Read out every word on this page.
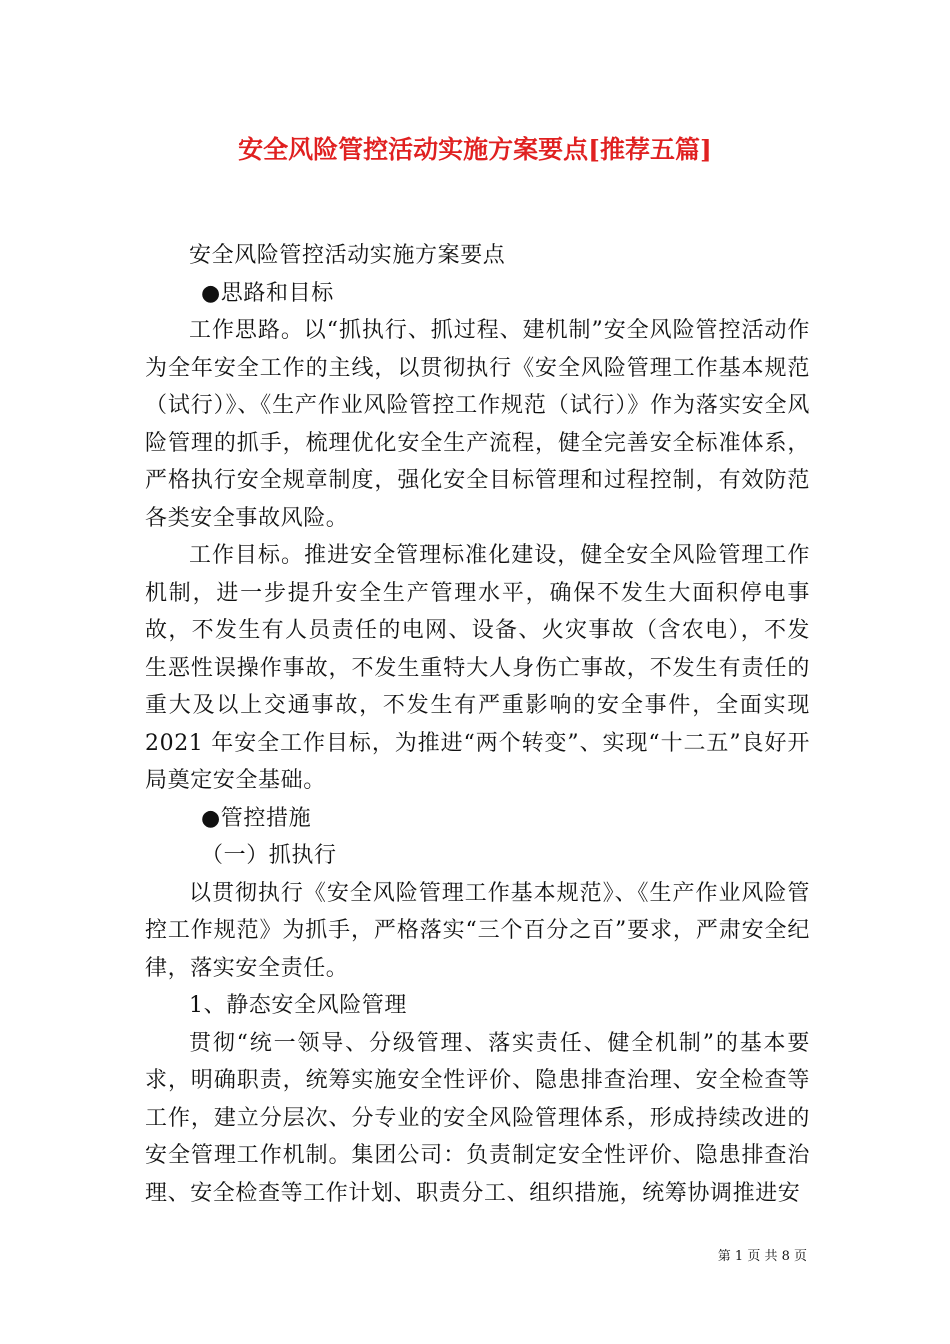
安全风险管控活动实施方案要点[推荐五篇]

安全风险管控活动实施方案要点

●思路和目标

工作思路。以“抓执行、抓过程、建机制”安全风险管控活动作为全年安全工作的主线，以贯彻执行《安全风险管理工作基本规范（试行）》、《生产作业风险管控工作规范（试行）》作为落实安全风险管理的抓手，梳理优化安全生产流程，健全完善安全标准体系，严格执行安全规章制度，强化安全目标管理和过程控制，有效防范各类安全事故风险。

工作目标。推进安全管理标准化建设，健全安全风险管理工作机制，进一步提升安全生产管理水平，确保不发生大面积停电事故，不发生有人员责任的电网、设备、火灾事故（含农电），不发生恶性误操作事故，不发生重特大人身伤亡事故，不发生有责任的重大及以上交通事故，不发生有严重影响的安全事件，全面实现 2021 年安全工作目标，为推进“两个转变”、实现“十二五”良好开局奠定安全基础。

●管控措施

（一）抓执行

以贯彻执行《安全风险管理工作基本规范》、《生产作业风险管控工作规范》为抓手，严格落实“三个百分之百”要求，严肃安全纪律，落实安全责任。

1、静态安全风险管理

贯彻“统一领导、分级管理、落实责任、健全机制”的基本要求，明确职责，统筹实施安全性评价、隐患排查治理、安全检查等工作，建立分层次、分专业的安全风险管理体系，形成持续改进的安全管理工作机制。集团公司：负责制定安全性评价、隐患排查治理、安全检查等工作计划、职责分工、组织措施，统筹协调推进安

第 1 页 共 8 页
